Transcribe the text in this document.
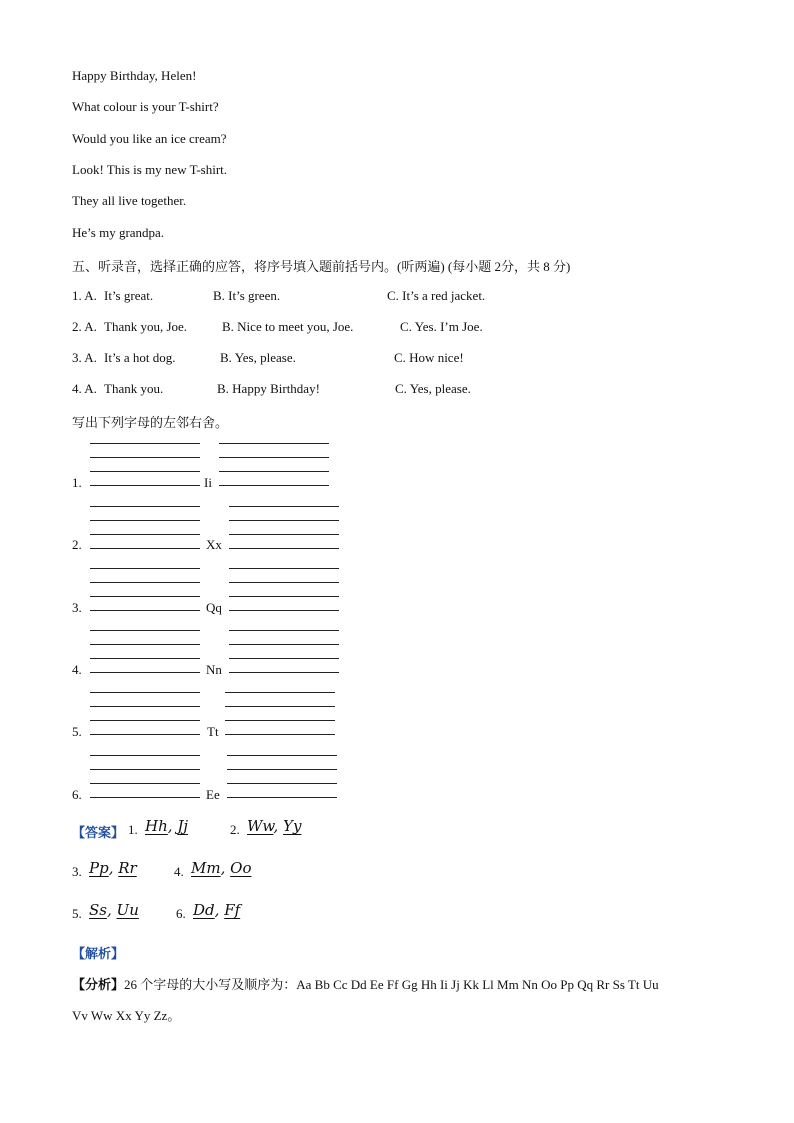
Happy Birthday, Helen!
What colour is your T-shirt?
Would you like an ice cream?
Look! This is my new T-shirt.
They all live together.
He’s my grandpa.
五、听录音，选择正确的应答，将序号填入题前括号内。(听两遍) (每小题 2分，共 8 分)
1. A. It’s great.	B. It’s green.	C. It’s a red jacket.
2. A. Thank you, Joe.	B. Nice to meet you, Joe.	C. Yes. I’m Joe.
3. A. It’s a hot dog.	B. Yes, please.	C. How nice!
4. A. Thank you.	B. Happy Birthday!	C. Yes, please.
写出下列字母的左邻右舍。
1.	Ii
2.	Xx
3.	Qq
4.	Nn
5.	Tt
6.	Ee
【答案】 1. Hh, Jj	2. Ww, Yy
3. Pp, Rr	4. Mm, Oo
5. Ss, Uu	6. Dd, Ff
【解析】
【分析】26 个字母的大小写及顺序为：Aa Bb Cc Dd Ee Ff Gg Hh Ii Jj Kk Ll Mm Nn Oo Pp Qq Rr Ss Tt Uu
Vv Ww Xx Yy Zz。
